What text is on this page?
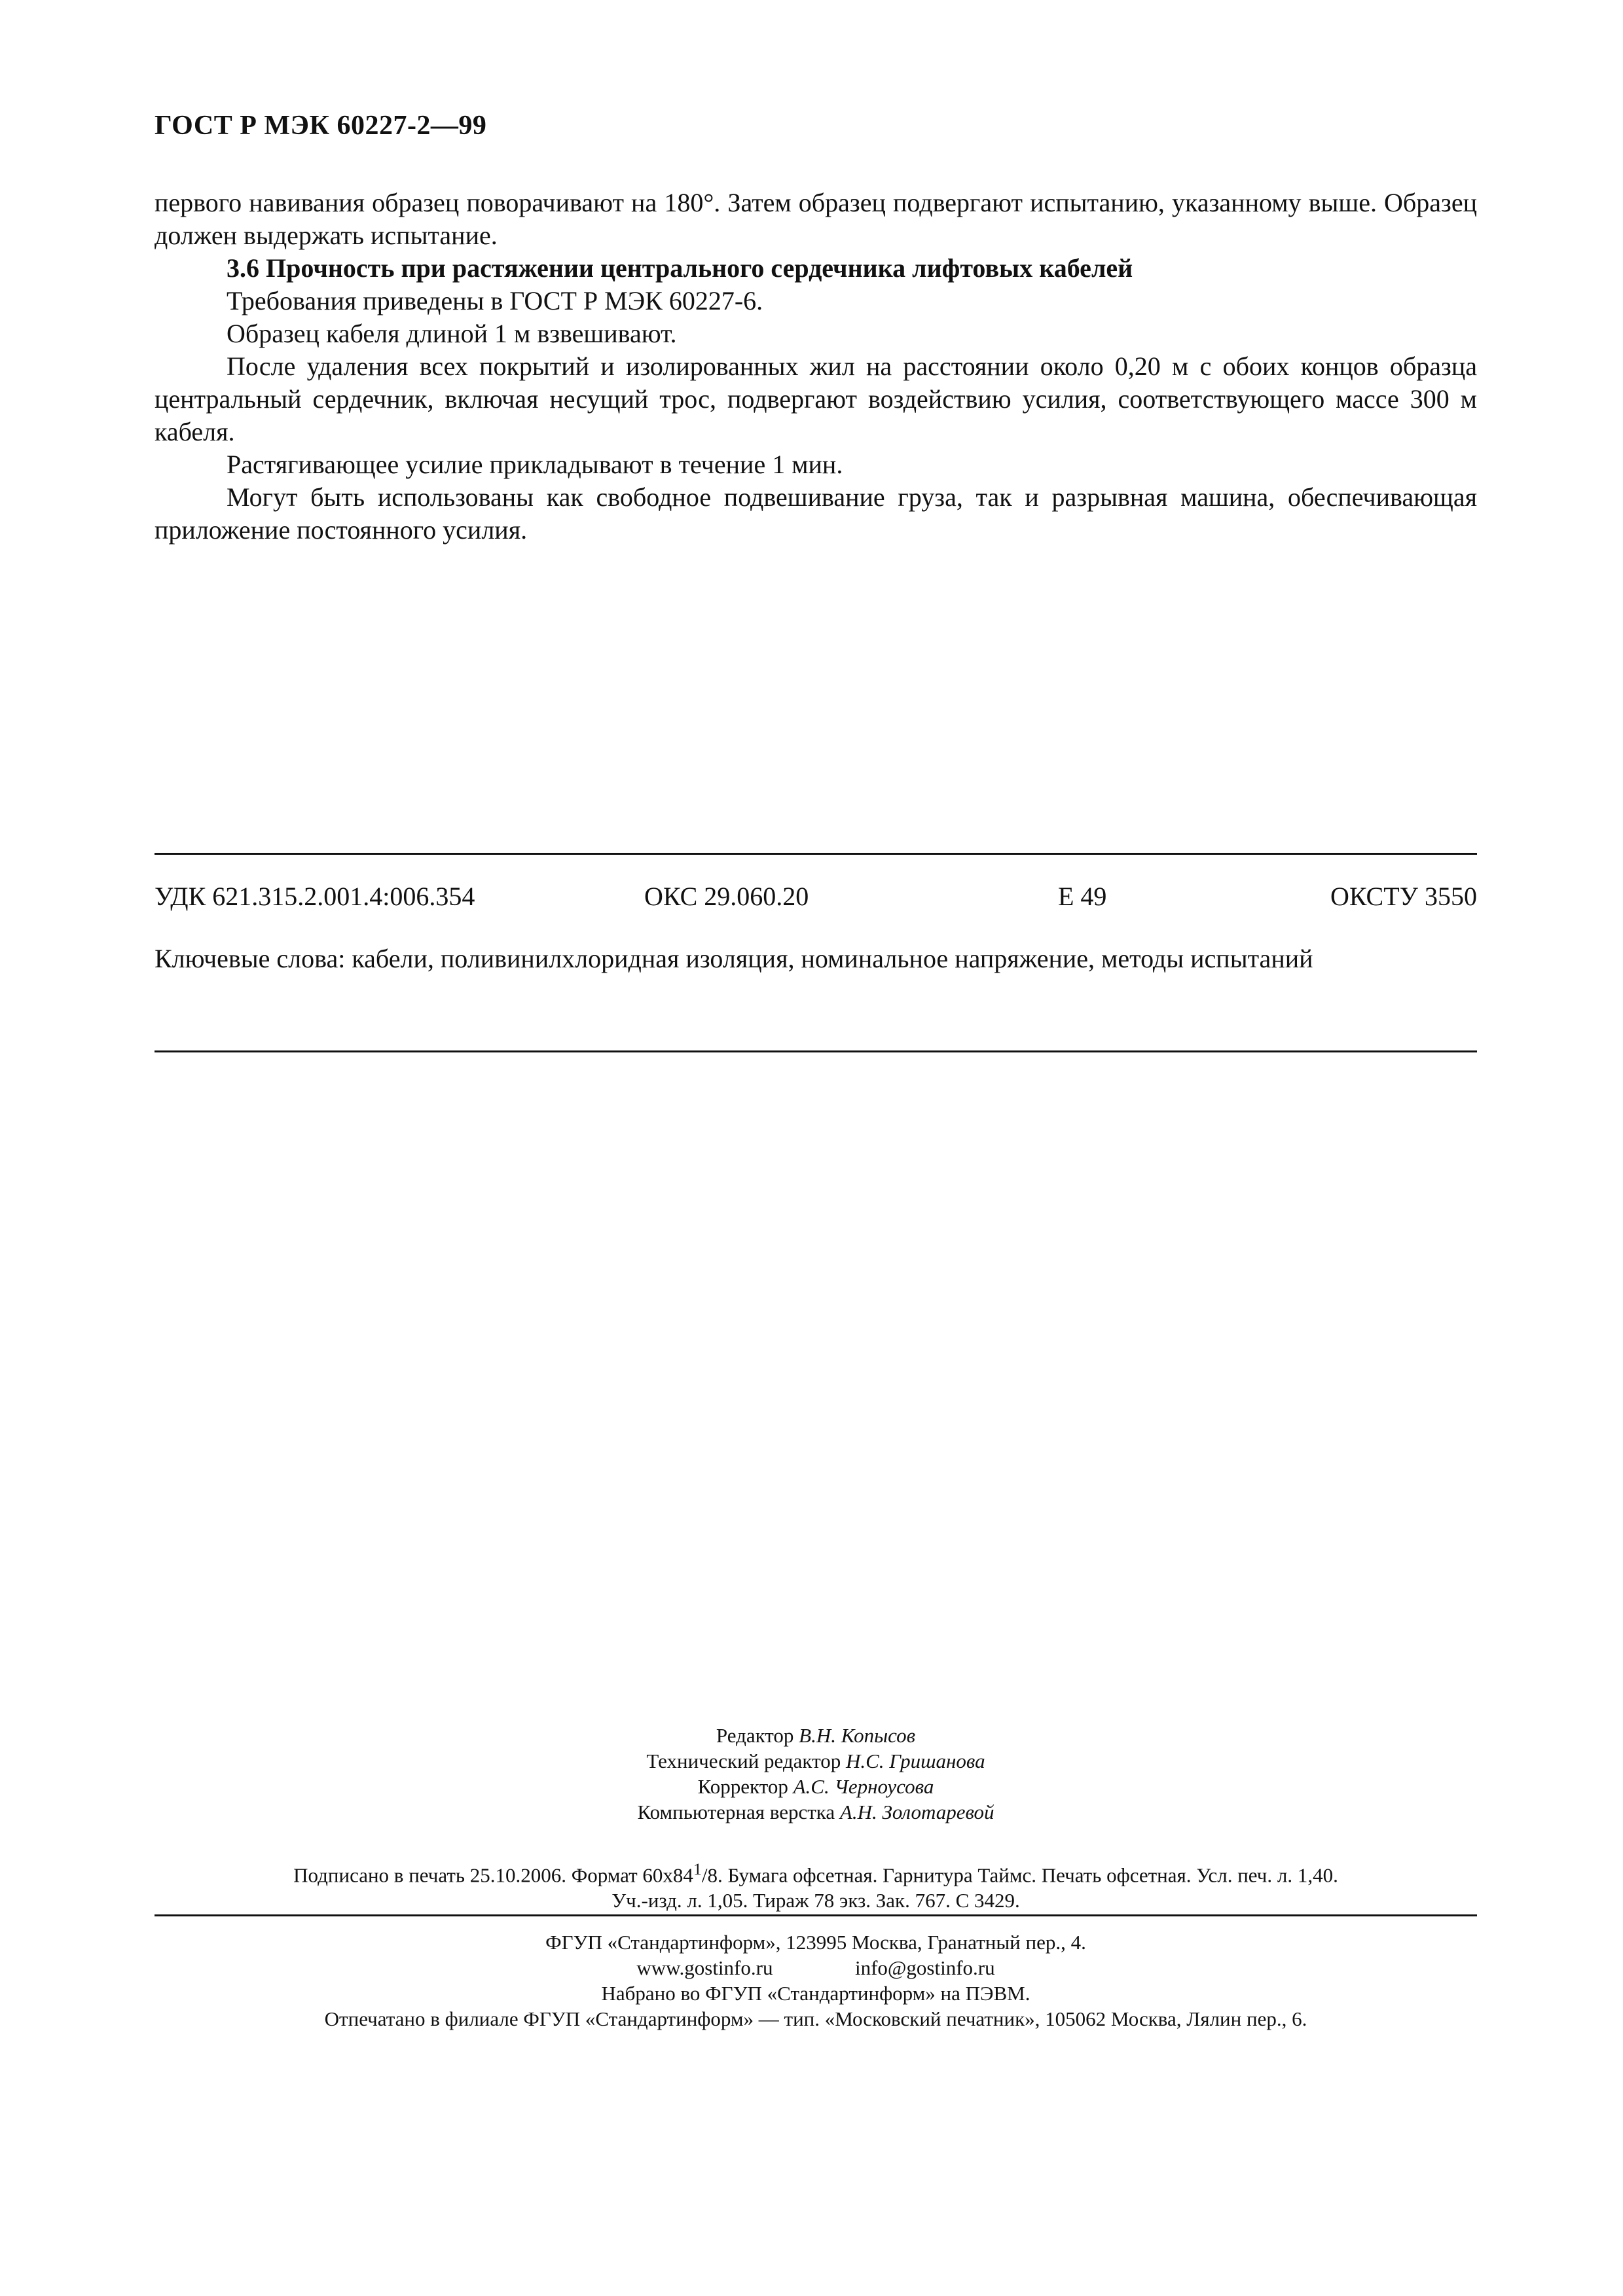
ГОСТ Р МЭК 60227-2—99

первого навивания образец поворачивают на 180°. Затем образец подвергают испытанию, указанному выше. Образец должен выдержать испытание.

3.6 Прочность при растяжении центрального сердечника лифтовых кабелей

Требования приведены в ГОСТ Р МЭК 60227-6.

Образец кабеля длиной 1 м взвешивают.

После удаления всех покрытий и изолированных жил на расстоянии около 0,20 м с обоих концов образца центральный сердечник, включая несущий трос, подвергают воздействию усилия, соответствующего массе 300 м кабеля.

Растягивающее усилие прикладывают в течение 1 мин.

Могут быть использованы как свободное подвешивание груза, так и разрывная машина, обеспечивающая приложение постоянного усилия.

УДК 621.315.2.001.4:006.354	ОКС 29.060.20	Е 49	ОКСТУ 3550
Ключевые слова: кабели, поливинилхлоридная изоляция, номинальное напряжение, методы испытаний
Редактор В.Н. Копысов
Технический редактор Н.С. Гришанова
Корректор А.С. Черноусова
Компьютерная верстка А.Н. Золотаревой
Подписано в печать 25.10.2006. Формат $60х84^1/8$. Бумага офсетная. Гарнитура Таймс. Печать офсетная. Усл. печ. л. 1,40.
Уч.-изд. л. 1,05. Тираж 78 экз. Зак. 767. С 3429.
ФГУП «Стандартинформ», 123995 Москва, Гранатный пер., 4.
www.gostinfo.ru	info@gostinfo.ru
Набрано во ФГУП «Стандартинформ» на ПЭВМ.
Отпечатано в филиале ФГУП «Стандартинформ» — тип. «Московский печатник», 105062 Москва, Лялин пер., 6.
